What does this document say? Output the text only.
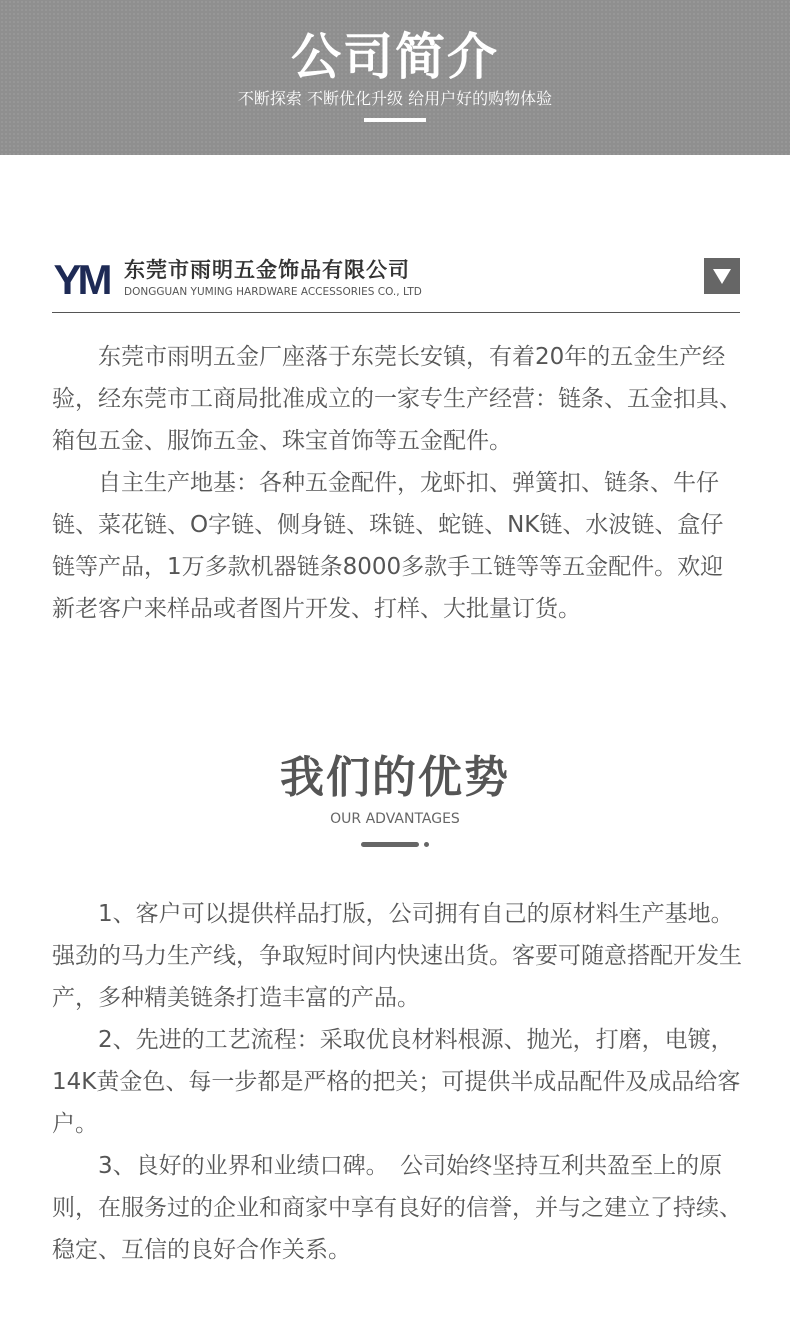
公司简介
不断探索 不断优化升级 给用户好的购物体验
YM 东莞市雨明五金饰品有限公司
DONGGUAN YUMING HARDWARE ACCESSORIES CO., LTD

东莞市雨明五金厂座落于东莞长安镇，有着20年的五金生产经验，经东莞市工商局批准成立的一家专生产经营：链条、五金扣具、箱包五金、服饰五金、珠宝首饰等五金配件。

自主生产地基：各种五金配件，龙虾扣、弹簧扣、链条、牛仔链、菜花链、O字链、侧身链、珠链、蛇链、NK链、水波链、盒仔链等产品，1万多款机器链条8000多款手工链等等五金配件。欢迎新老客户来样品或者图片开发、打样、大批量订货。

我们的优势
OUR ADVANTAGES

1、客户可以提供样品打版，公司拥有自己的原材料生产基地。强劲的马力生产线，争取短时间内快速出货。客要可随意搭配开发生产，多种精美链条打造丰富的产品。

2、先进的工艺流程：采取优良材料根源、抛光，打磨，电镀，14K黄金色、每一步都是严格的把关；可提供半成品配件及成品给客户。

3、良好的业界和业绩口碑。　公司始终坚持互利共盈至上的原则，在服务过的企业和商家中享有良好的信誉，并与之建立了持续、稳定、互信的良好合作关系。
